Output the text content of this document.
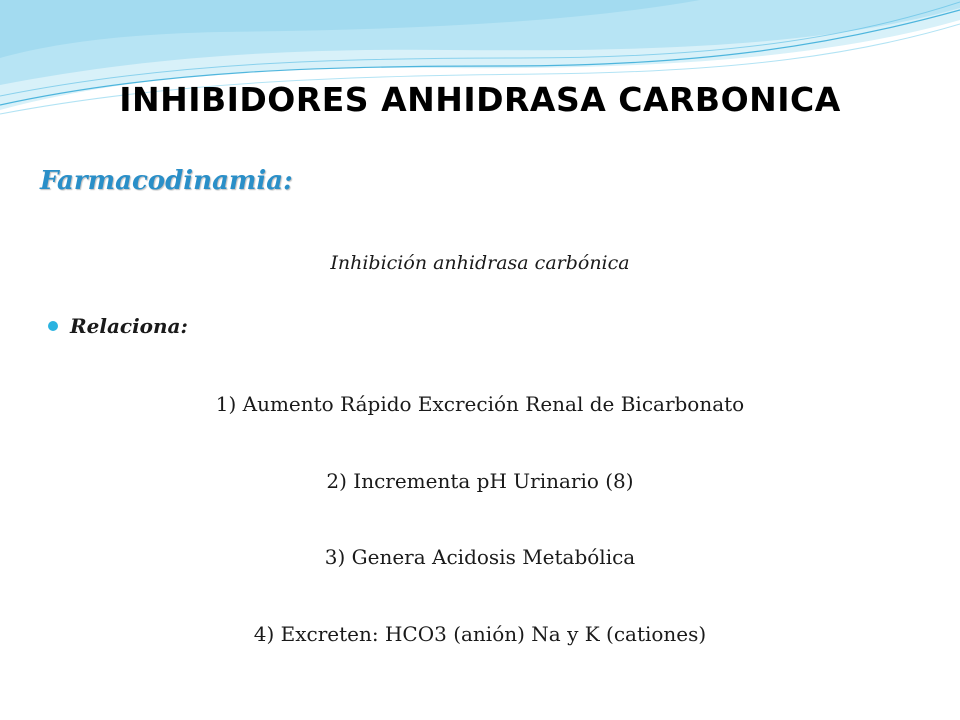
INHIBIDORES ANHIDRASA CARBONICA
Farmacodinamia:
Inhibición anhidrasa carbónica
Relaciona:
1) Aumento Rápido Excreción Renal de Bicarbonato
2) Incrementa pH Urinario (8)
3) Genera Acidosis Metabólica
4) Excreten: HCO3 (anión) Na y K (cationes)
